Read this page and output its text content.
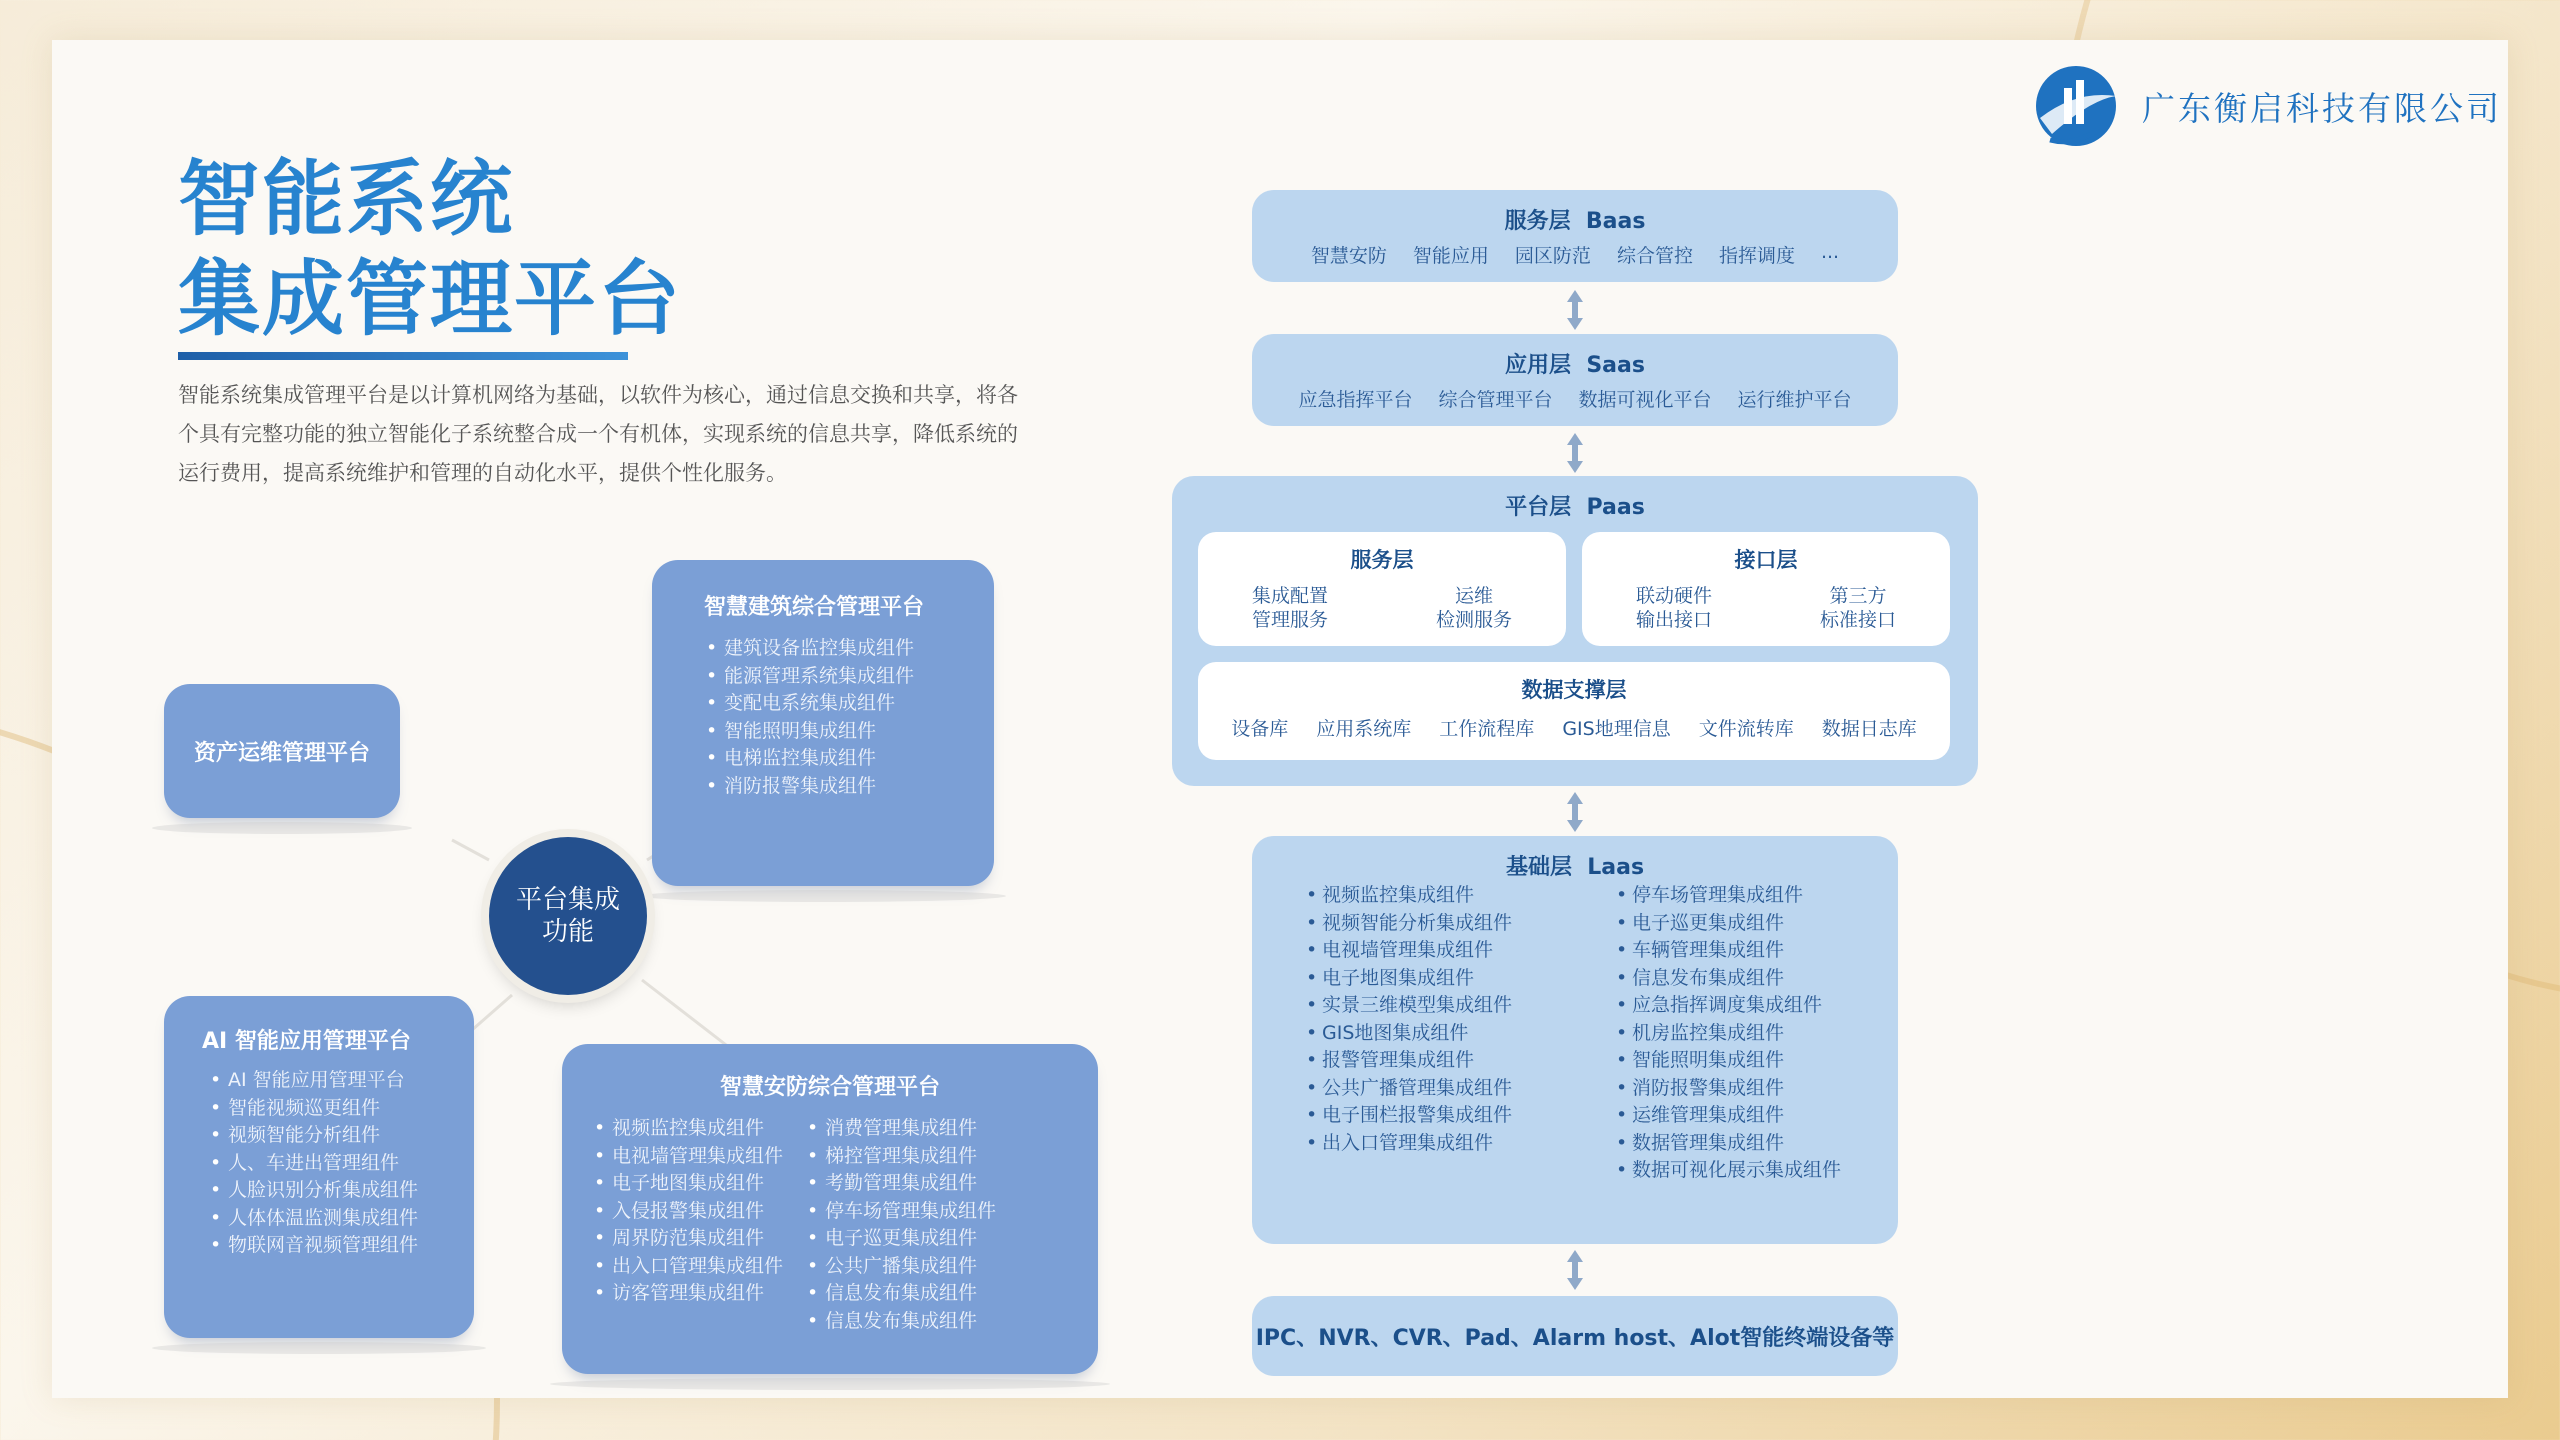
广东衡启科技有限公司
智能系统
集成管理平台

智能系统集成管理平台是以计算机网络为基础，以软件为核心，通过信息交换和共享，将各个具有完整功能的独立智能化子系统整合成一个有机体，实现系统的信息共享，降低系统的运行费用，提高系统维护和管理的自动化水平，提供个性化服务。

资产运维管理平台
智慧建筑综合管理平台
• 建筑设备监控集成组件
• 能源管理系统集成组件
• 变配电系统集成组件
• 智能照明集成组件
• 电梯监控集成组件
• 消防报警集成组件
平台集成
功能
AI 智能应用管理平台
• AI 智能应用管理平台
• 智能视频巡更组件
• 视频智能分析组件
• 人、车进出管理组件
• 人脸识别分析集成组件
• 人体体温监测集成组件
• 物联网音视频管理组件
智慧安防综合管理平台
• 视频监控集成组件
• 电视墙管理集成组件
• 电子地图集成组件
• 入侵报警集成组件
• 周界防范集成组件
• 出入口管理集成组件
• 访客管理集成组件
• 消费管理集成组件
• 梯控管理集成组件
• 考勤管理集成组件
• 停车场管理集成组件
• 电子巡更集成组件
• 公共广播集成组件
• 信息发布集成组件
• 信息发布集成组件
服务层  Baas
智慧安防 智能应用 园区防范 综合管控 指挥调度 ...
应用层  Saas
应急指挥平台 综合管理平台 数据可视化平台 运行维护平台
平台层  Paas
服务层
集成配置
管理服务
运维
检测服务
接口层
联动硬件
输出接口
第三方
标准接口
数据支撑层
设备库 应用系统库 工作流程库 GIS地理信息 文件流转库 数据日志库
基础层  Laas
• 视频监控集成组件
• 视频智能分析集成组件
• 电视墙管理集成组件
• 电子地图集成组件
• 实景三维模型集成组件
• GIS地图集成组件
• 报警管理集成组件
• 公共广播管理集成组件
• 电子围栏报警集成组件
• 出入口管理集成组件
• 停车场管理集成组件
• 电子巡更集成组件
• 车辆管理集成组件
• 信息发布集成组件
• 应急指挥调度集成组件
• 机房监控集成组件
• 智能照明集成组件
• 消防报警集成组件
• 运维管理集成组件
• 数据管理集成组件
• 数据可视化展示集成组件
IPC、NVR、CVR、Pad、Alarm host、Alot智能终端设备等
